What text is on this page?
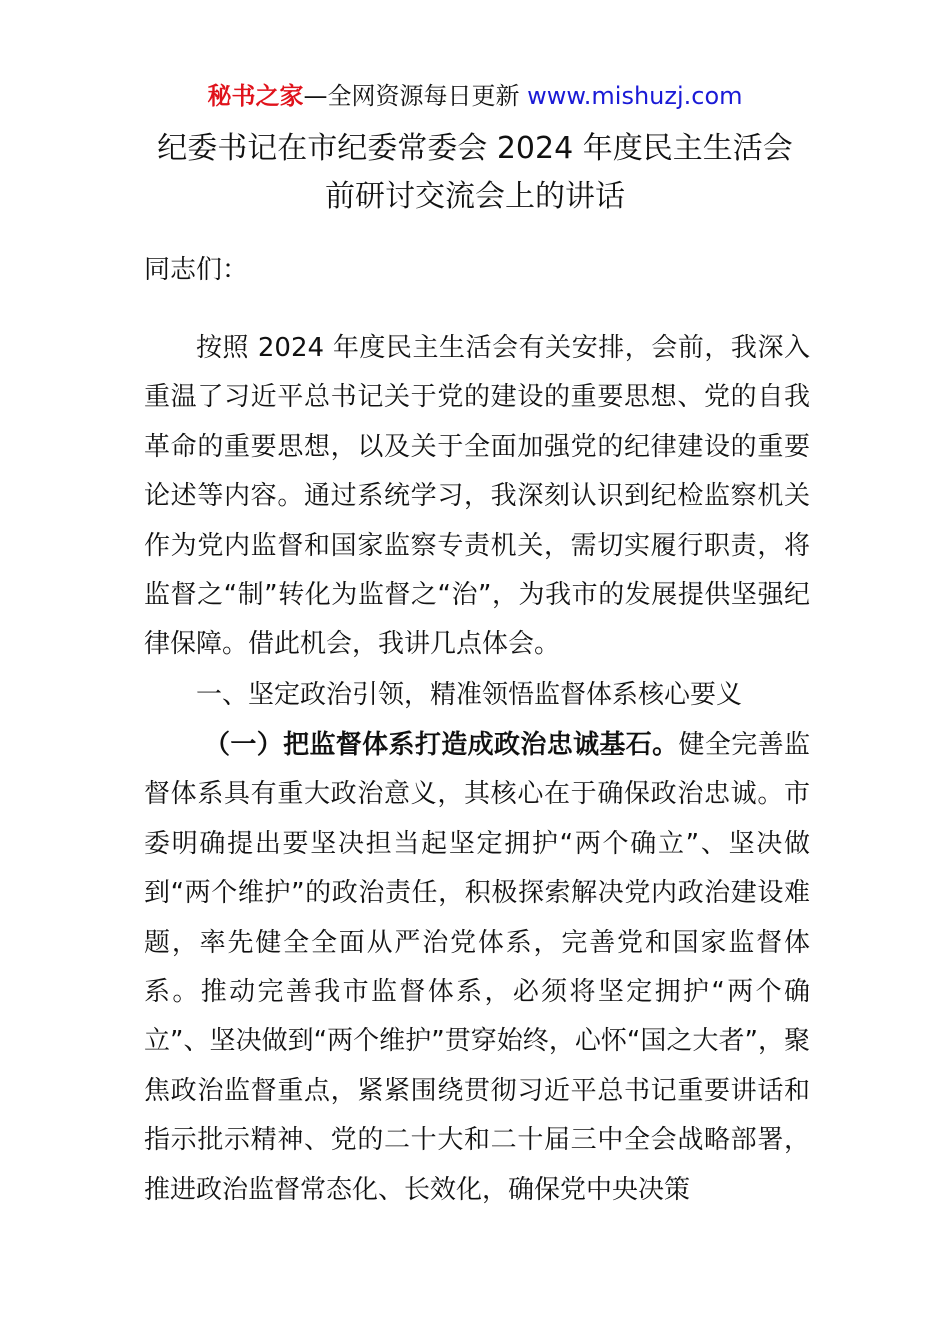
秘书之家—全网资源每日更新 www.mishuzj.com
纪委书记在市纪委常委会 2024 年度民主生活会
前研讨交流会上的讲话
同志们：
按照 2024 年度民主生活会有关安排，会前，我深入重温了习近平总书记关于党的建设的重要思想、党的自我革命的重要思想，以及关于全面加强党的纪律建设的重要论述等内容。通过系统学习，我深刻认识到纪检监察机关作为党内监督和国家监察专责机关，需切实履行职责，将监督之“制”转化为监督之“治”，为我市的发展提供坚强纪律保障。借此机会，我讲几点体会。
一、坚定政治引领，精准领悟监督体系核心要义
（一）把监督体系打造成政治忠诚基石。健全完善监督体系具有重大政治意义，其核心在于确保政治忠诚。市委明确提出要坚决担当起坚定拥护“两个确立”、坚决做到“两个维护”的政治责任，积极探索解决党内政治建设难题，率先健全全面从严治党体系，完善党和国家监督体系。推动完善我市监督体系，必须将坚定拥护“两个确立”、坚决做到“两个维护”贯穿始终，心怀“国之大者”，聚焦政治监督重点，紧紧围绕贯彻习近平总书记重要讲话和指示批示精神、党的二十大和二十届三中全会战略部署，推进政治监督常态化、长效化，确保党中央决策
